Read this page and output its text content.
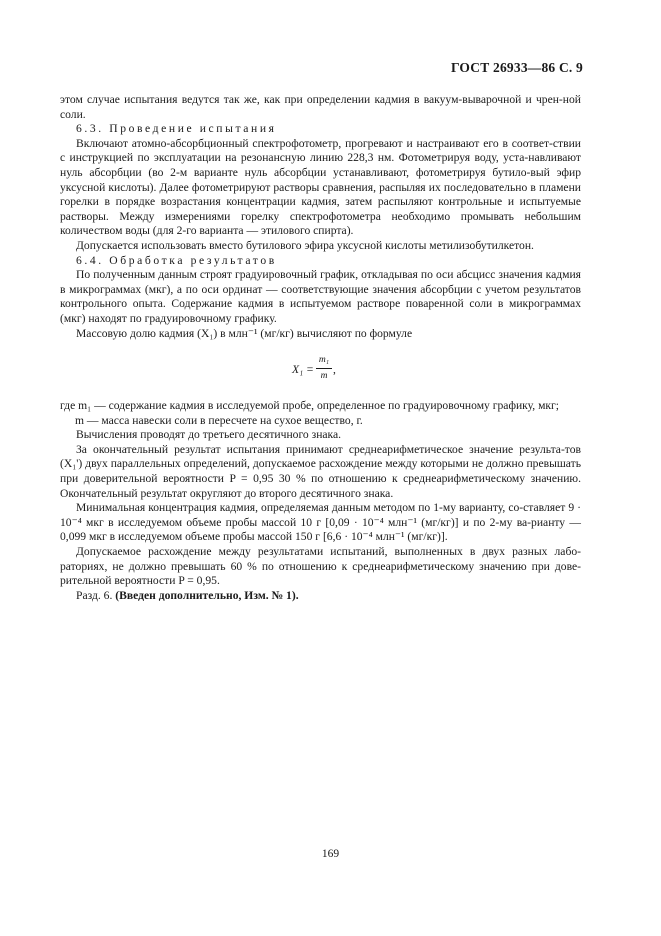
ГОСТ 26933—86 С. 9

этом случае испытания ведутся так же, как при определении кадмия в вакуум-выварочной и чрен-ной соли.

6.3. Проведение испытания

Включают атомно-абсорбционный спектрофотометр, прогревают и настраивают его в соответ-ствии с инструкцией по эксплуатации на резонансную линию 228,3 нм. Фотометрируя воду, уста-навливают нуль абсорбции (во 2-м варианте нуль абсорбции устанавливают, фотометрируя бутило-вый эфир уксусной кислоты). Далее фотометрируют растворы сравнения, распыляя их последовательно в пламени горелки в порядке возрастания концентрации кадмия, затем распыляют контрольные и испытуемые растворы. Между измерениями горелку спектрофотометра необходимо промывать небольшим количеством воды (для 2-го варианта — этилового спирта).

Допускается использовать вместо бутилового эфира уксусной кислоты метилизобутилкетон.

6.4. Обработка результатов

По полученным данным строят градуировочный график, откладывая по оси абсцисс значения кадмия в микрограммах (мкг), а по оси ординат — соответствующие значения абсорбции с учетом результатов контрольного опыта. Содержание кадмия в испытуемом растворе поваренной соли в микрограммах (мкг) находят по градуировочному графику.

Массовую долю кадмия (X₁) в млн⁻¹ (мг/кг) вычисляют по формуле

X₁ =
m₁
m ,

где m₁ — содержание кадмия в исследуемой пробе, определенное по градуировочному графику, мкг;

m — масса навески соли в пересчете на сухое вещество, г.

Вычисления проводят до третьего десятичного знака.

За окончательный результат испытания принимают среднеарифметическое значение результа-тов (X₁') двух параллельных определений, допускаемое расхождение между которыми не должно превышать при доверительной вероятности P = 0,95 30 % по отношению к среднеарифметическому значению. Окончательный результат округляют до второго десятичного знака.

Минимальная концентрация кадмия, определяемая данным методом по 1-му варианту, со-ставляет 9 · 10⁻⁴ мкг в исследуемом объеме пробы массой 10 г [0,09 · 10⁻⁴ млн⁻¹ (мг/кг)] и по 2-му ва-рианту — 0,099 мкг в исследуемом объеме пробы массой 150 г [6,6 · 10⁻⁴ млн⁻¹ (мг/кг)].

Допускаемое расхождение между результатами испытаний, выполненных в двух разных лабо-раториях, не должно превышать 60 % по отношению к среднеарифметическому значению при дове-рительной вероятности P = 0,95.

Разд. 6. (Введен дополнительно, Изм. № 1).

169
